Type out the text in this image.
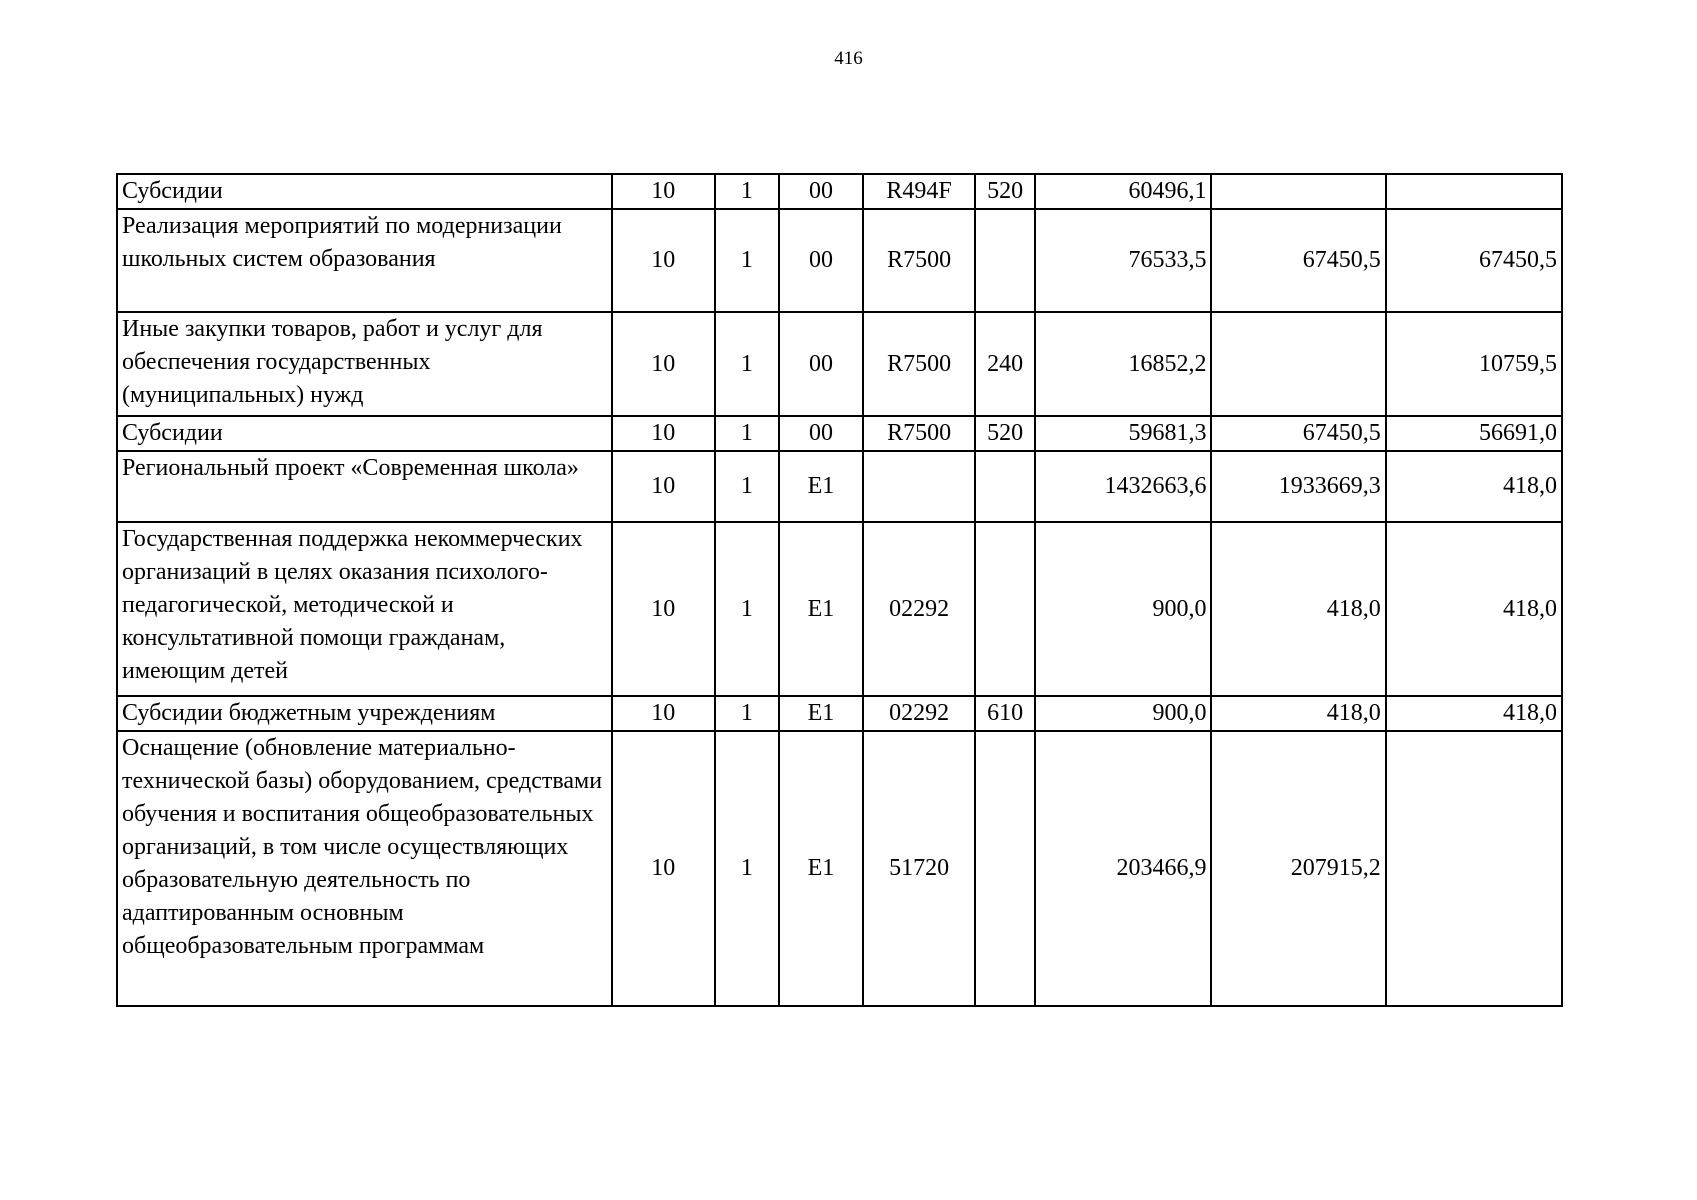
416
Субсидии	10	1	00	R494F	520	60496,1		
Реализация мероприятий по модернизации школьных систем образования	10	1	00	R7500		76533,5	67450,5	67450,5
Иные закупки товаров, работ и услуг для обеспечения государственных (муниципальных) нужд	10	1	00	R7500	240	16852,2		10759,5
Субсидии	10	1	00	R7500	520	59681,3	67450,5	56691,0
Региональный проект «Современная школа»	10	1	E1			1432663,6	1933669,3	418,0
Государственная поддержка некоммерческих организаций в целях оказания психолого-педагогической, методической и консультативной помощи гражданам, имеющим детей	10	1	E1	02292		900,0	418,0	418,0
Субсидии бюджетным учреждениям	10	1	E1	02292	610	900,0	418,0	418,0
Оснащение (обновление материально-технической базы) оборудованием, средствами обучения и воспитания общеобразовательных организаций, в том числе осуществляющих образовательную деятельность по адаптированным основным общеобразовательным программам	10	1	E1	51720		203466,9	207915,2	
